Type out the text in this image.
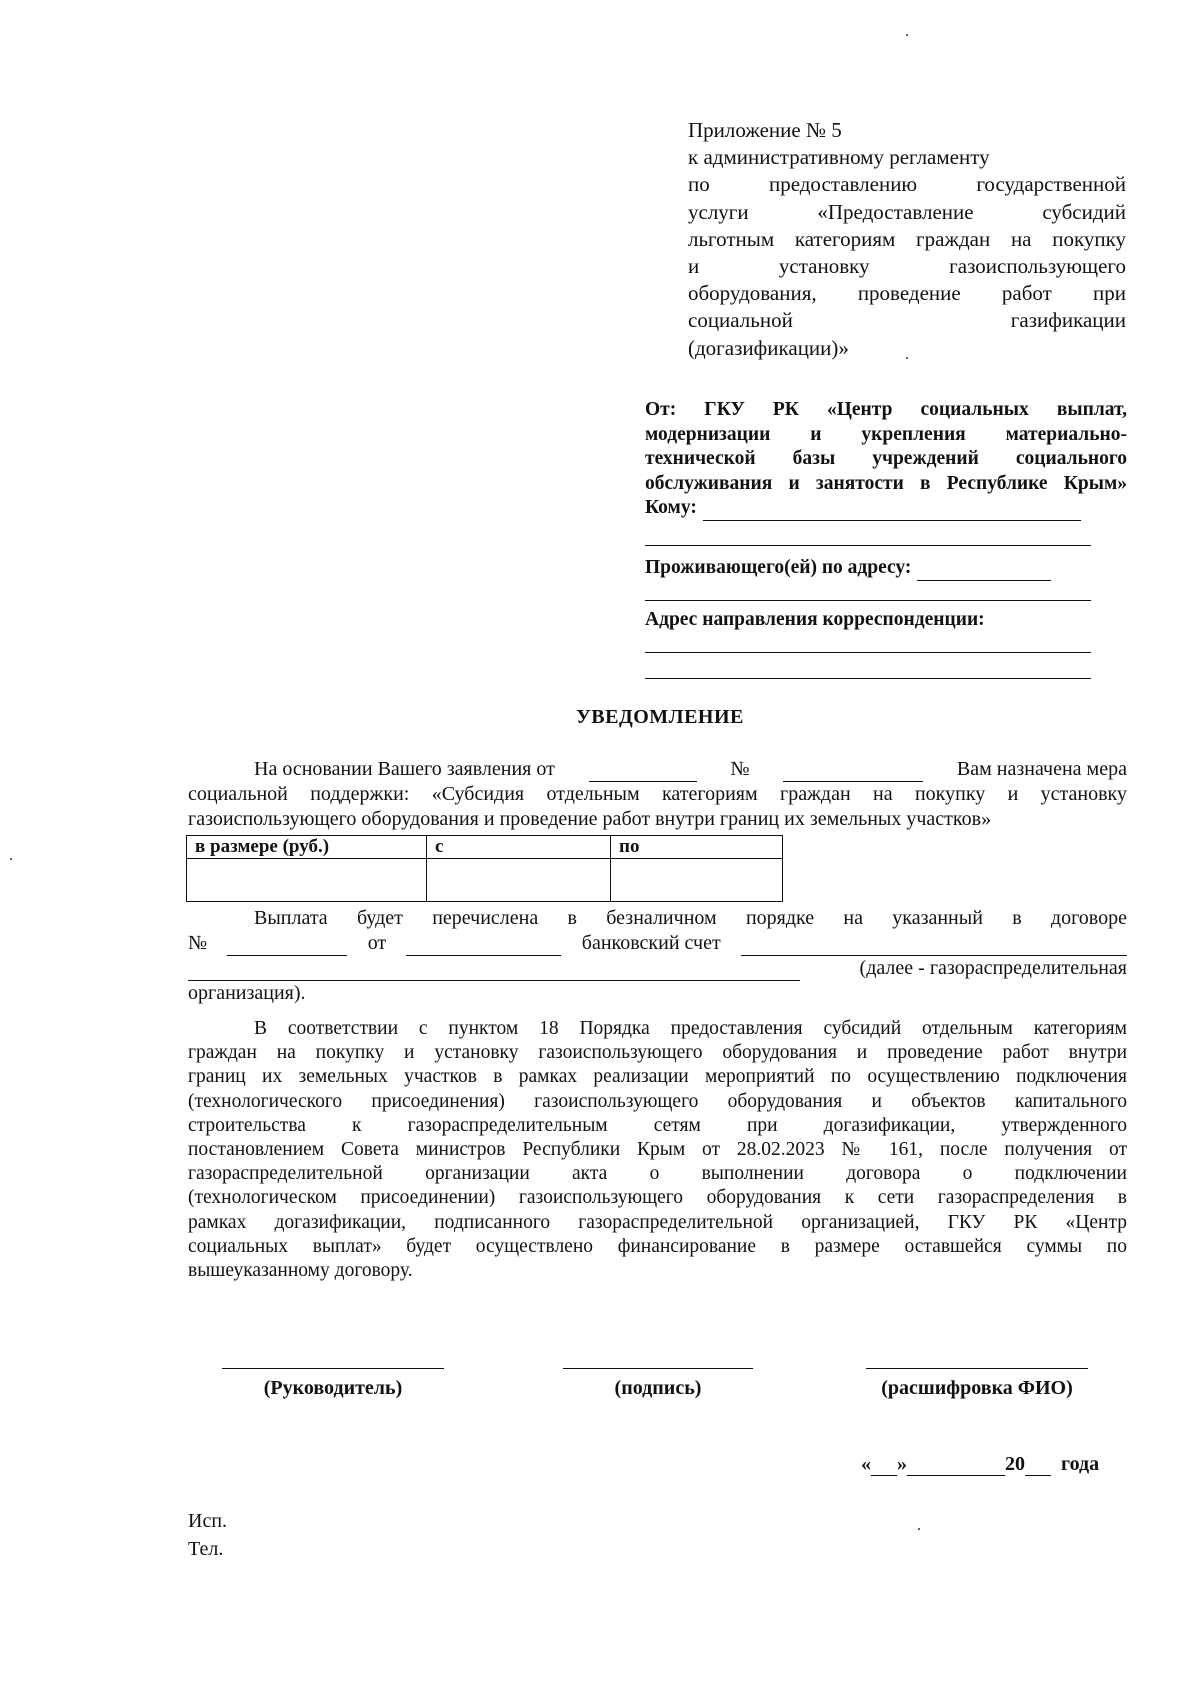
Приложение № 5
к административному регламенту
по предоставлению государственной
услуги «Предоставление субсидий
льготным категориям граждан на покупку
и установку газоиспользующего
оборудования, проведение работ при
социальной газификации
(догазификации)»
От: ГКУ РК «Центр социальных выплат,
модернизации и укрепления материально-
технической базы учреждений социального
обслуживания и занятости в Республике Крым»
Кому:
Проживающего(ей) по адресу:
Адрес направления корреспонденции:
УВЕДОМЛЕНИЕ
На основании Вашего заявления от	№	Вам назначена мера
социальной поддержки: «Субсидия отдельным категориям граждан на покупку и установку
газоиспользующего оборудования и проведение работ внутри границ их земельных участков»
в размере (руб.)	с	по

Выплата будет перечислена в безналичном порядке на указанный в договоре
№	от	банковский счет
(далее - газораспределительная
организация).
В соответствии с пунктом 18 Порядка предоставления субсидий отдельным категориям
граждан на покупку и установку газоиспользующего оборудования и проведение работ внутри
границ их земельных участков в рамках реализации мероприятий по осуществлению подключения
(технологического присоединения) газоиспользующего оборудования и объектов капитального
строительства к газораспределительным сетям при догазификации, утвержденного
постановлением Совета министров Республики Крым от 28.02.2023 № 161, после получения от
газораспределительной организации акта о выполнении договора о подключении
(технологическом присоединении) газоиспользующего оборудования к сети газораспределения в
рамках догазификации, подписанного газораспределительной организацией, ГКУ РК «Центр
социальных выплат» будет осуществлено финансирование в размере оставшейся суммы по
вышеуказанному договору.
(Руководитель)	(подпись)	(расшифровка ФИО)
« »	20 года
Исп.
Тел.
